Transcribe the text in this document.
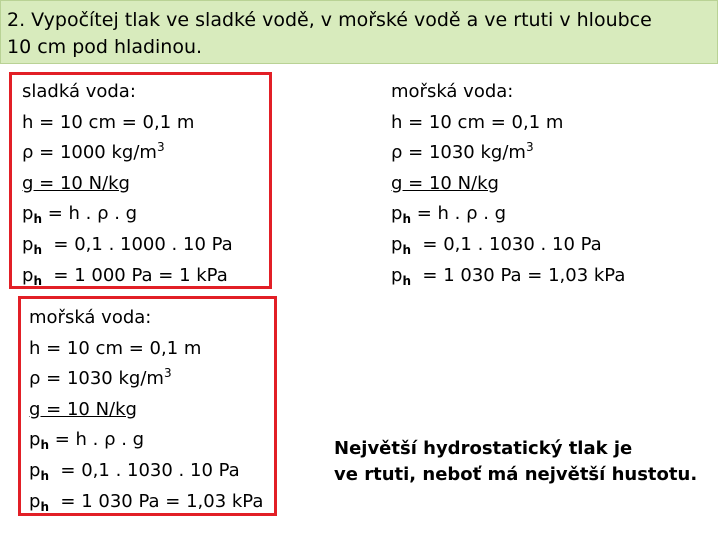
2. Vypočítej tlak ve sladké vodě, v mořské vodě a ve rtuti v hloubce
10 cm pod hladinou.
sladká voda:
h = 10 cm = 0,1 m
ρ = 1000 $kg/m^3$
g = 10 N/kg
$p_h = h$ . ρ . g
$p_h = 0,1$ . 1000 . 10 Pa
$p_h = 1$ 000 Pa = 1 kPa
mořská voda:
h = 10 cm = 0,1 m
ρ = 1030 $kg/m^3$
g = 10 N/kg
$p_h = h$ . ρ . g
$p_h = 0,1$ . 1030 . 10 Pa
$p_h = 1$ 030 Pa = 1,03 kPa
mořská voda:
h = 10 cm = 0,1 m
ρ = 1030 $kg/m^3$
g = 10 N/kg
$p_h = h$ . ρ . g
$p_h = 0,1$ . 1030 . 10 Pa
$p_h = 1$ 030 Pa = 1,03 kPa
Největší hydrostatický tlak je
ve rtuti, neboť má největší hustotu.
